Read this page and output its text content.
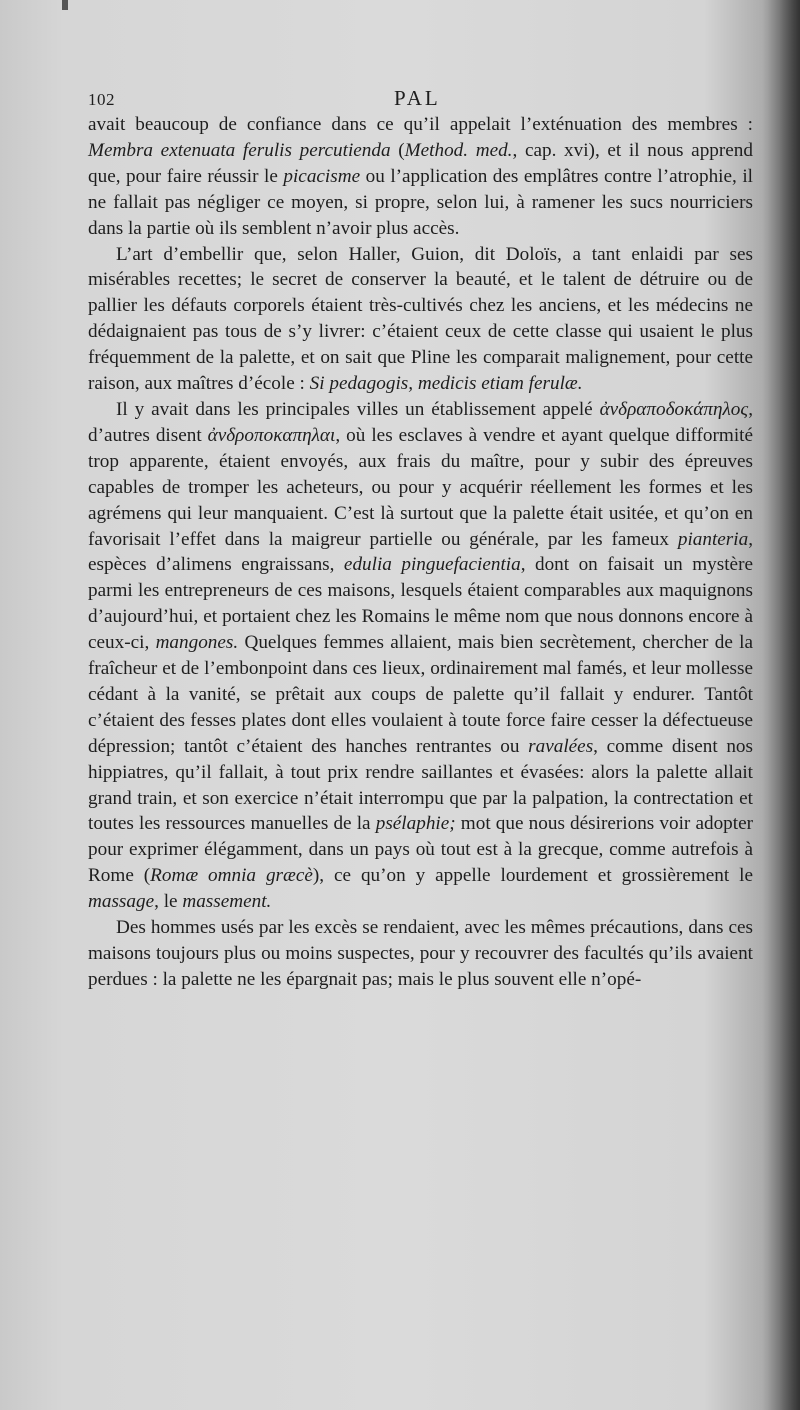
102	PAL

avait beaucoup de confiance dans ce qu’il appelait l’exténuation des membres : Membra extenuata ferulis percutienda (Method. med., cap. xvi), et il nous apprend que, pour faire réussir le picacisme ou l’application des emplâtres contre l’atrophie, il ne fallait pas négliger ce moyen, si propre, selon lui, à ramener les sucs nourriciers dans la partie où ils semblent n’avoir plus accès.

L’art d’embellir que, selon Haller, Guion, dit Doloïs, a tant enlaidi par ses misérables recettes; le secret de conserver la beauté, et le talent de détruire ou de pallier les défauts corporels étaient très-cultivés chez les anciens, et les médecins ne dédaignaient pas tous de s’y livrer: c’étaient ceux de cette classe qui usaient le plus fréquemment de la palette, et on sait que Pline les comparait malignement, pour cette raison, aux maîtres d’école : Si pedagogis, medicis etiam ferulæ.

Il y avait dans les principales villes un établissement appelé ἀνδραποδοκάπηλος, d’autres disent ἀνδροποκαπηλαι, où les esclaves à vendre et ayant quelque difformité trop apparente, étaient envoyés, aux frais du maître, pour y subir des épreuves capables de tromper les acheteurs, ou pour y acquérir réellement les formes et les agrémens qui leur manquaient. C’est là surtout que la palette était usitée, et qu’on en favorisait l’effet dans la maigreur partielle ou générale, par les fameux pianteria, espèces d’alimens engraissans, edulia pinguefacientia, dont on faisait un mystère parmi les entrepreneurs de ces maisons, lesquels étaient comparables aux maquignons d’aujourd’hui, et portaient chez les Romains le même nom que nous donnons encore à ceux-ci, mangones. Quelques femmes allaient, mais bien secrètement, chercher de la fraîcheur et de l’embonpoint dans ces lieux, ordinairement mal famés, et leur mollesse cédant à la vanité, se prêtait aux coups de palette qu’il fallait y endurer. Tantôt c’étaient des fesses plates dont elles voulaient à toute force faire cesser la défectueuse dépression; tantôt c’étaient des hanches rentrantes ou ravalées, comme disent nos hippiatres, qu’il fallait, à tout prix rendre saillantes et évasées: alors la palette allait grand train, et son exercice n’était interrompu que par la palpation, la contrectation et toutes les ressources manuelles de la psélaphie; mot que nous désirerions voir adopter pour exprimer élégamment, dans un pays où tout est à la grecque, comme autrefois à Rome (Romæ omnia græcè), ce qu’on y appelle lourdement et grossièrement le massage, le massement.

Des hommes usés par les excès se rendaient, avec les mêmes précautions, dans ces maisons toujours plus ou moins suspectes, pour y recouvrer des facultés qu’ils avaient perdues : la palette ne les épargnait pas; mais le plus souvent elle n’opé-
